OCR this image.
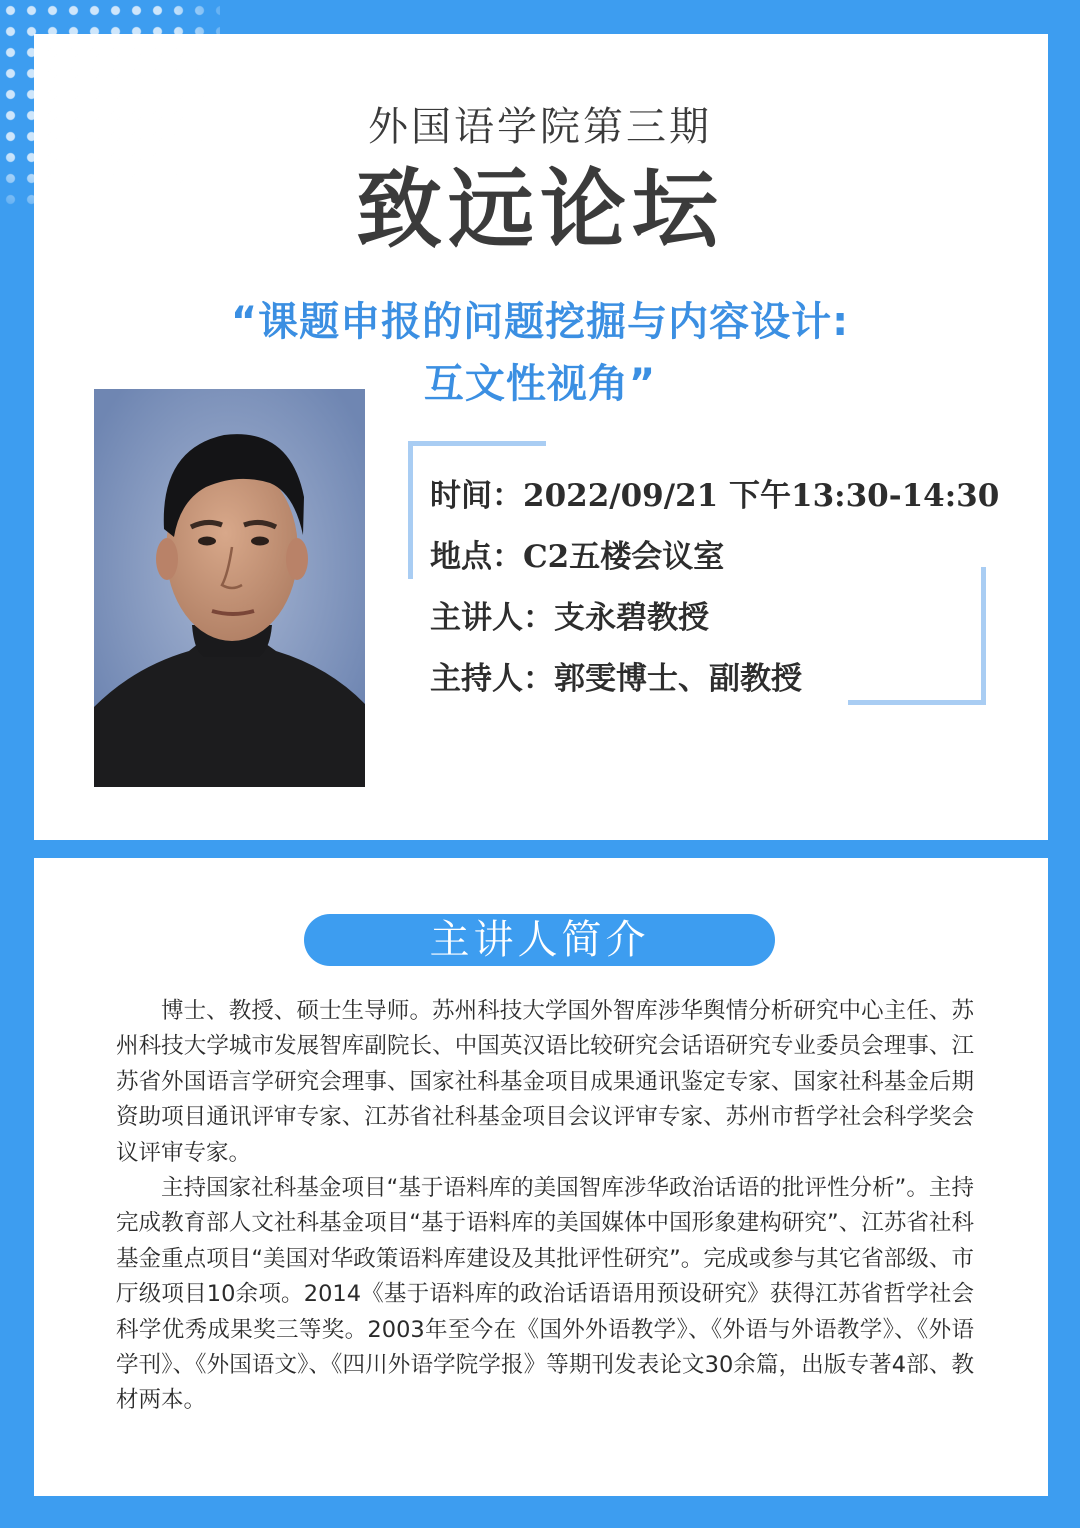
外国语学院第三期
致远论坛
“课题申报的问题挖掘与内容设计:
互文性视角”
时间：2022/09/21 下午13:30-14:30
地点：C2五楼会议室
主讲人：支永碧教授
主持人：郭雯博士、副教授
主讲人简介

博士、教授、硕士生导师。苏州科技大学国外智库涉华舆情分析研究中心主任、苏州科技大学城市发展智库副院长、中国英汉语比较研究会话语研究专业委员会理事、江苏省外国语言学研究会理事、国家社科基金项目成果通讯鉴定专家、国家社科基金后期资助项目通讯评审专家、江苏省社科基金项目会议评审专家、苏州市哲学社会科学奖会议评审专家。

主持国家社科基金项目“基于语料库的美国智库涉华政治话语的批评性分析”。主持完成教育部人文社科基金项目“基于语料库的美国媒体中国形象建构研究”、江苏省社科基金重点项目“美国对华政策语料库建设及其批评性研究”。完成或参与其它省部级、市厅级项目10余项。2014《基于语料库的政治话语语用预设研究》获得江苏省哲学社会科学优秀成果奖三等奖。2003年至今在《国外外语教学》、《外语与外语教学》、《外语学刊》、《外国语文》、《四川外语学院学报》等期刊发表论文30余篇，出版专著4部、教材两本。
